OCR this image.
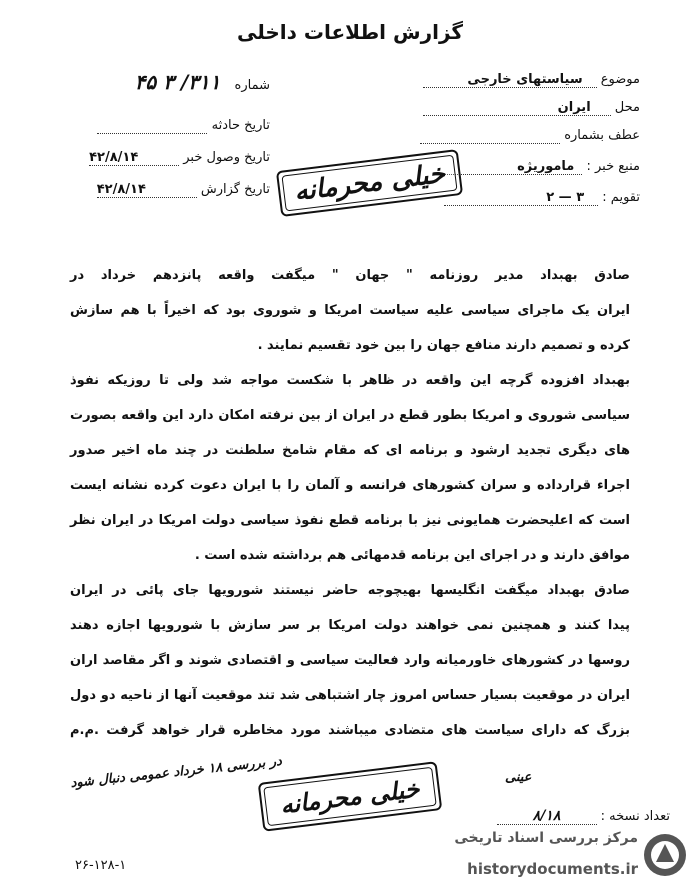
گزارش اطلاعات داخلی
موضوع سیاستهای خارجی
محل ایران
عطف بشماره
منبع خبر : ماموریژه
تقویم : ۳ — ۲
شماره ۳۱۱/ ۳ ۴۵
تاریخ حادثه
تاریخ وصول خبر ۴۲/۸/۱۴
تاریخ گزارش ۴۲/۸/۱۴	خیلی محرمانه
صادق بهبداد مدیر روزنامه " جهان " میگفت واقعه پانزدهم خرداد در
ایران یک ماجرای سیاسی علیه سیاست امریکا و شوروی بود که اخیراً با هم سازش
کرده و تصمیم دارند منافع جهان را بین خود تقسیم نمایند .
بهبداد افزوده گرچه این واقعه در ظاهر با شکست مواجه شد ولی تا روزیکه نفوذ
سیاسی شوروی و امریکا بطور قطع در ایران از بین نرفته امکان دارد این واقعه بصورت
های دیگری تجدید ارشود و برنامه ای که مقام شامخ سلطنت در چند ماه اخیر صدور
اجراء قرارداده و سران کشورهای فرانسه و آلمان را با ایران دعوت کرده نشانه ایست
است که اعلیحضرت همایونی نیز با برنامه قطع نفوذ سیاسی دولت امریکا در ایران نظر
موافق دارند و در اجرای این برنامه قدمهائی هم برداشته شده است .
صادق بهبداد میگفت انگلیسها بهیچوجه حاضر نیستند شورویها جای پائی در ایران
پیدا کنند و همچنین نمی خواهند دولت امریکا بر سر سازش با شورویها اجازه دهند
روسها در کشورهای خاورمیانه وارد فعالیت سیاسی و اقتصادی شوند و اگر مقاصد اران
ایران در موقعیت بسیار حساس امروز چار اشتباهی شد تند موقعیت آنها از ناحیه دو دول
بزرگ که دارای سیاست های متضادی میباشند مورد مخاطره قرار خواهد گرفت .م.م
در بررسی ۱۸ خرداد عمومی دنبال شود
عینی
خیلی محرمانه	تعداد نسخه : ۸/۱۸
۲۶-۱۲۸-۱
مرکز بررسی اسناد تاریخی
historydocuments.ir
